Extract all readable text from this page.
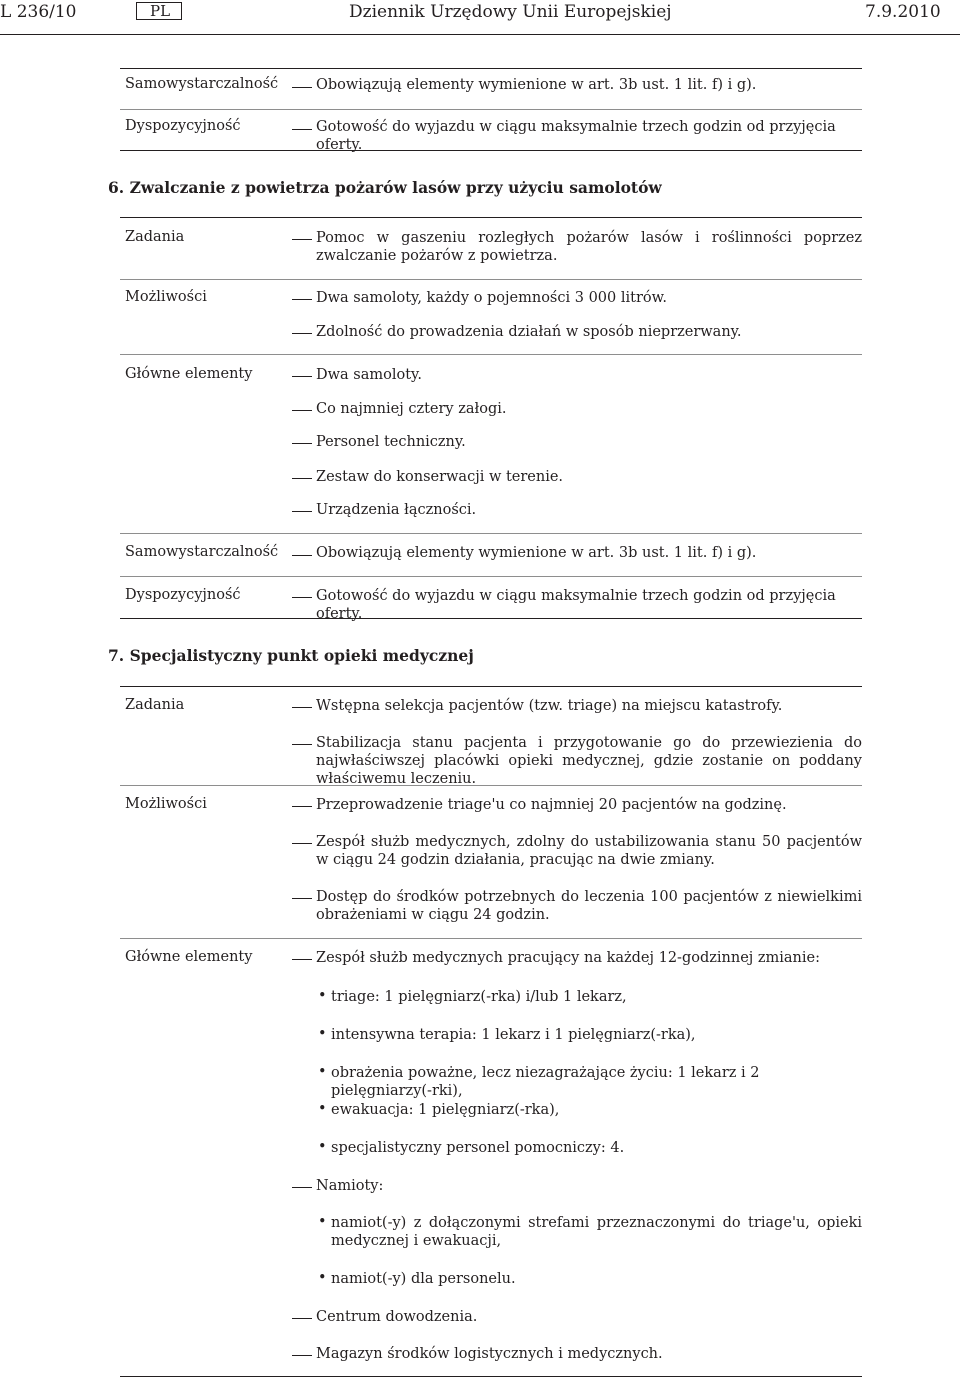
L 236/10	PL	Dziennik Urzędowy Unii Europejskiej	7.9.2010
Samowystarczalność	Obowiązują elementy wymienione w art. 3b ust. 1 lit. f) i g).
Dyspozycyjność	Gotowość do wyjazdu w ciągu maksymalnie trzech godzin od przyjęcia oferty.
6. Zwalczanie z powietrza pożarów lasów przy użyciu samolotów
Zadania	Pomoc w gaszeniu rozległych pożarów lasów i roślinności poprzez zwalczanie pożarów z powietrza.
Możliwości	Dwa samoloty, każdy o pojemności 3 000 litrów.
Zdolność do prowadzenia działań w sposób nieprzerwany.
Główne elementy	Dwa samoloty.
Co najmniej cztery załogi.
Personel techniczny.
Zestaw do konserwacji w terenie.
Urządzenia łączności.
Samowystarczalność	Obowiązują elementy wymienione w art. 3b ust. 1 lit. f) i g).
Dyspozycyjność	Gotowość do wyjazdu w ciągu maksymalnie trzech godzin od przyjęcia oferty.
7. Specjalistyczny punkt opieki medycznej
Zadania	Wstępna selekcja pacjentów (tzw. triage) na miejscu katastrofy.
Stabilizacja stanu pacjenta i przygotowanie go do przewiezienia do najwłaściwszej placówki opieki medycznej, gdzie zostanie on poddany właściwemu leczeniu.
Możliwości	Przeprowadzenie triage'u co najmniej 20 pacjentów na godzinę.
Zespół służb medycznych, zdolny do ustabilizowania stanu 50 pacjentów w ciągu 24 godzin działania, pracując na dwie zmiany.
Dostęp do środków potrzebnych do leczenia 100 pacjentów z niewielkimi obrażeniami w ciągu 24 godzin.
Główne elementy	Zespół służb medycznych pracujący na każdej 12-godzinnej zmianie:
• triage: 1 pielęgniarz(-rka) i/lub 1 lekarz,
• intensywna terapia: 1 lekarz i 1 pielęgniarz(-rka),
• obrażenia poważne, lecz niezagrażające życiu: 1 lekarz i 2 pielęgniarzy(-rki),
• ewakuacja: 1 pielęgniarz(-rka),
• specjalistyczny personel pomocniczy: 4.
Namioty:
• namiot(-y) z dołączonymi strefami przeznaczonymi do triage'u, opieki medycznej i ewakuacji,
• namiot(-y) dla personelu.
Centrum dowodzenia.
Magazyn środków logistycznych i medycznych.
